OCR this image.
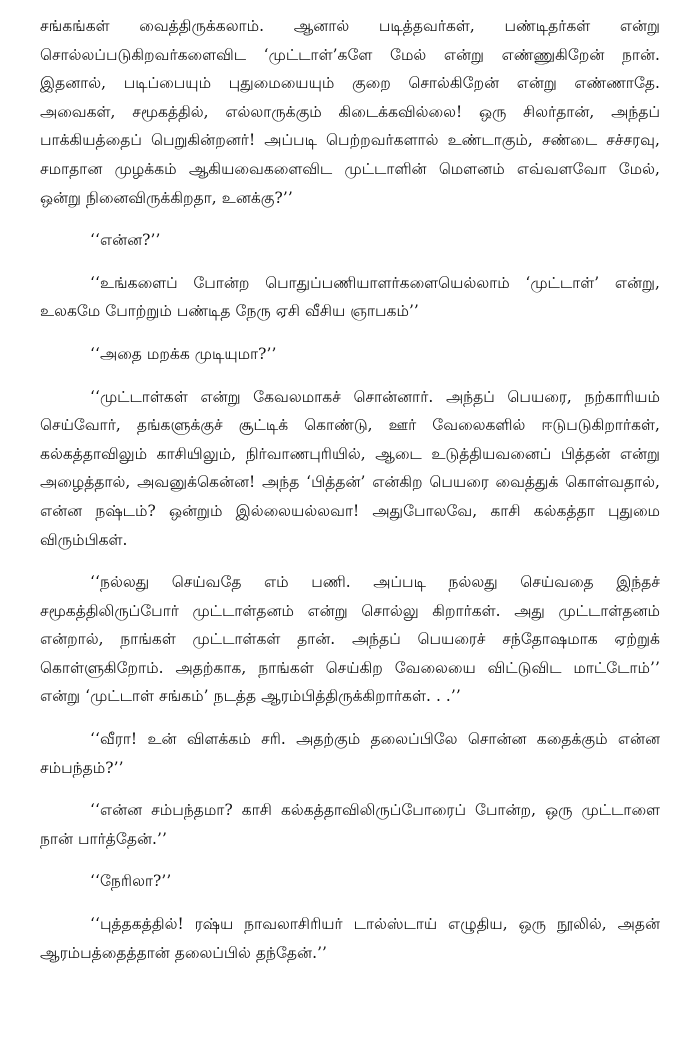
சங்கங்கள் வைத்திருக்கலாம். ஆனால் படித்தவர்கள், பண்டிதர்கள் என்று சொல்லப்படுகிறவர்களைவிட ‘முட்டாள்’களே மேல் என்று எண்ணுகிறேன் நான். இதனால், படிப்பையும் புதுமையையும் குறை சொல்கிறேன் என்று எண்ணாதே. அவைகள், சமூகத்தில், எல்லாருக்கும் கிடைக்கவில்லை! ஒரு சிலர்தான், அந்தப் பாக்கியத்தைப் பெறுகின்றனர்! அப்படி பெற்றவர்களால் உண்டாகும், சண்டை சச்சரவு, சமாதான முழக்கம் ஆகியவைகளைவிட முட்டாளின் மௌனம் எவ்வளவோ மேல், ஒன்று நினைவிருக்கிறதா, உனக்கு?’’

‘‘என்ன?’’

‘‘உங்களைப் போன்ற பொதுப்பணியாளர்களையெல்லாம் ‘முட்டாள்’ என்று, உலகமே போற்றும் பண்டித நேரு ஏசி வீசிய ஞாபகம்’’

‘‘அதை மறக்க முடியுமா?’’

‘‘முட்டாள்கள் என்று கேவலமாகச் சொன்னார். அந்தப் பெயரை, நற்காரியம் செய்வோர், தங்களுக்குச் சூட்டிக் கொண்டு, ஊர் வேலைகளில் ஈடுபடுகிறார்கள், கல்கத்தாவிலும் காசியிலும், நிர்வாணபுரியில், ஆடை உடுத்தியவனைப் பித்தன் என்று அழைத்தால், அவனுக்கென்ன! அந்த ‘பித்தன்’ என்கிற பெயரை வைத்துக் கொள்வதால், என்ன நஷ்டம்? ஒன்றும் இல்லையல்லவா! அதுபோலவே, காசி கல்கத்தா புதுமை விரும்பிகள்.

‘‘நல்லது செய்வதே எம் பணி. அப்படி நல்லது செய்வதை இந்தச் சமூகத்திலிருப்போர் முட்டாள்தனம் என்று சொல்லு கிறார்கள். அது முட்டாள்தனம் என்றால், நாங்கள் முட்டாள்கள் தான். அந்தப் பெயரைச் சந்தோஷமாக ஏற்றுக் கொள்ளுகிறோம். அதற்காக, நாங்கள் செய்கிற வேலையை விட்டுவிட மாட்டோம்’’ என்று ‘முட்டாள் சங்கம்’ நடத்த ஆரம்பித்திருக்கிறார்கள். . .’’

‘‘வீரா! உன் விளக்கம் சரி. அதற்கும் தலைப்பிலே சொன்ன கதைக்கும் என்ன சம்பந்தம்?’’

‘‘என்ன சம்பந்தமா? காசி கல்கத்தாவிலிருப்போரைப் போன்ற, ஒரு முட்டாளை நான் பார்த்தேன்.’’

‘‘நேரிலா?’’

‘‘புத்தகத்தில்! ரஷ்ய நாவலாசிரியர் டால்ஸ்டாய் எழுதிய, ஒரு நூலில், அதன் ஆரம்பத்தைத்தான் தலைப்பில் தந்தேன்.’’
